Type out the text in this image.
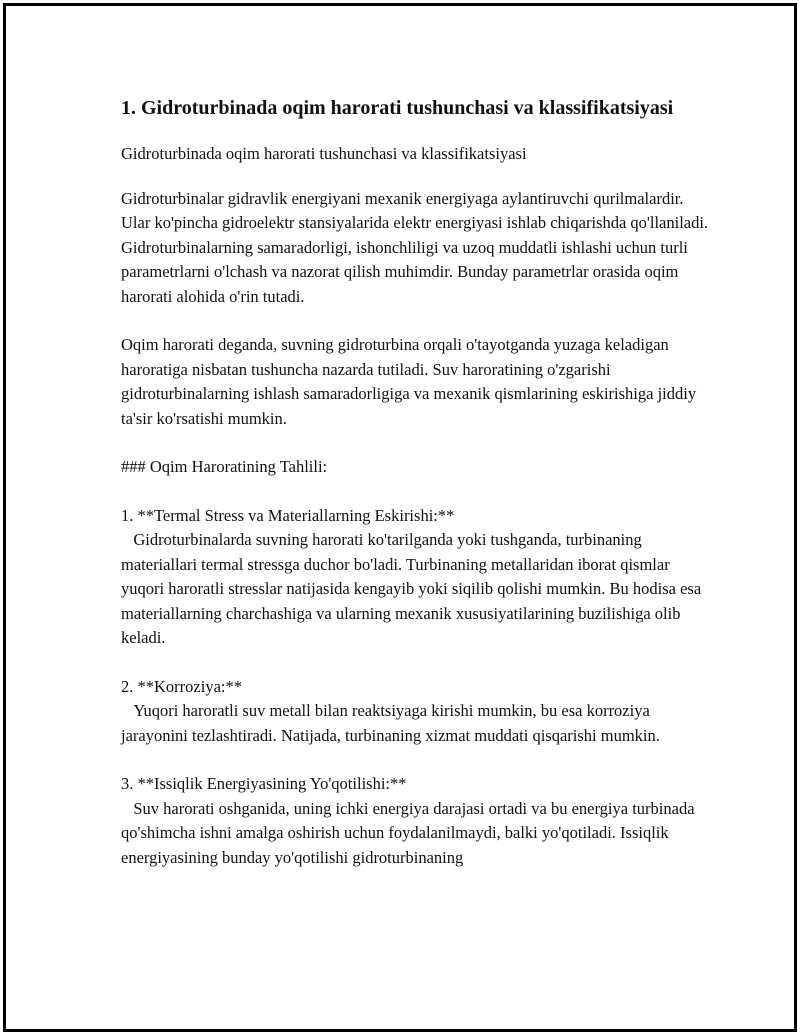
1. Gidroturbinada oqim harorati tushunchasi va klassifikatsiyasi

Gidroturbinada oqim harorati tushunchasi va klassifikatsiyasi

Gidroturbinalar gidravlik energiyani mexanik energiyaga aylantiruvchi qurilmalardir. Ular ko'pincha gidroelektr stansiyalarida elektr energiyasi ishlab chiqarishda qo'llaniladi. Gidroturbinalarning samaradorligi, ishonchliligi va uzoq muddatli ishlashi uchun turli parametrlarni o'lchash va nazorat qilish muhimdir. Bunday parametrlar orasida oqim harorati alohida o'rin tutadi.

Oqim harorati deganda, suvning gidroturbina orqali o'tayotganda yuzaga keladigan haroratiga nisbatan tushuncha nazarda tutiladi. Suv haroratining o'zgarishi gidroturbinalarning ishlash samaradorligiga va mexanik qismlarining eskirishiga jiddiy ta'sir ko'rsatishi mumkin.

### Oqim Haroratining Tahlili:

1. **Termal Stress va Materiallarning Eskirishi:**
Gidroturbinalarda suvning harorati ko'tarilganda yoki tushganda, turbinaning materiallari termal stressga duchor bo'ladi. Turbinaning metallaridan iborat qismlar yuqori haroratli stresslar natijasida kengayib yoki siqilib qolishi mumkin. Bu hodisa esa materiallarning charchashiga va ularning mexanik xususiyatilarining buzilishiga olib keladi.

2. **Korroziya:**
Yuqori haroratli suv metall bilan reaktsiyaga kirishi mumkin, bu esa korroziya jarayonini tezlashtiradi. Natijada, turbinaning xizmat muddati qisqarishi mumkin.

3. **Issiqlik Energiyasining Yo'qotilishi:**
Suv harorati oshganida, uning ichki energiya darajasi ortadi va bu energiya turbinada qo'shimcha ishni amalga oshirish uchun foydalanilmaydi, balki yo'qotiladi. Issiqlik energiyasining bunday yo'qotilishi gidroturbinaning
